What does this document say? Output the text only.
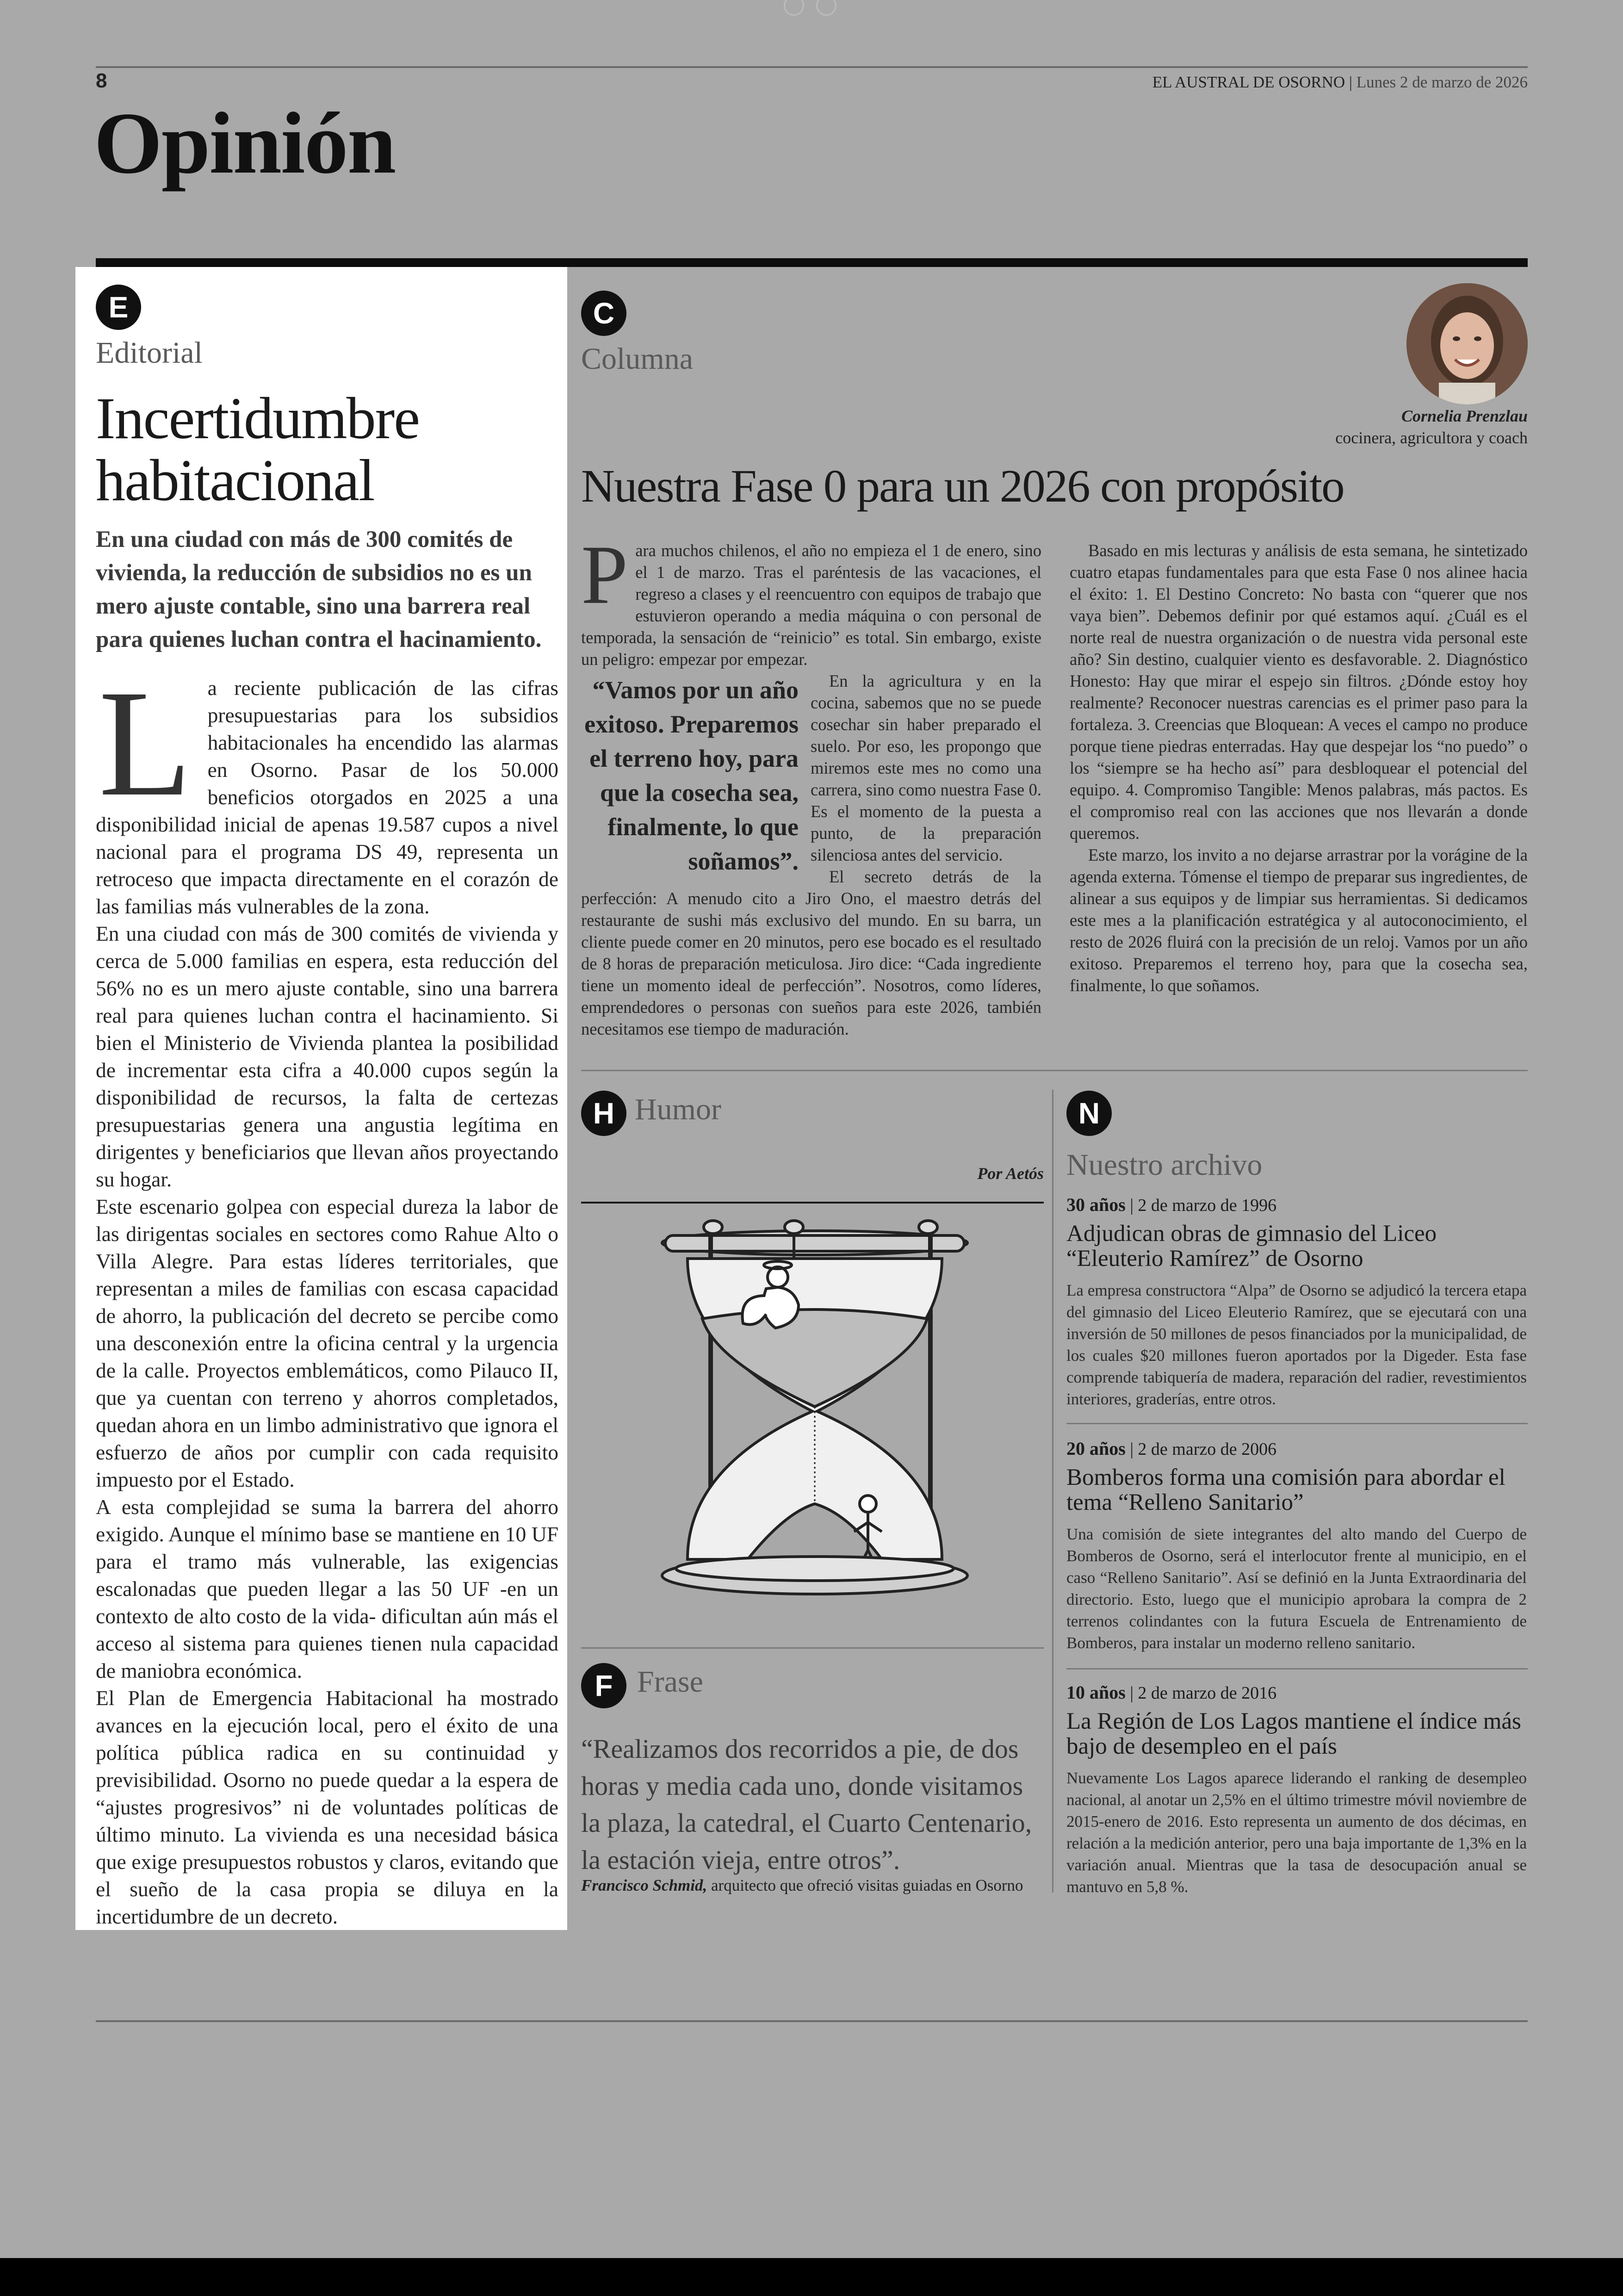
8	EL AUSTRAL DE OSORNO | Lunes 2 de marzo de 2026
Opinión
E
Editorial
Incertidumbre habitacional

En una ciudad con más de 300 comités de vivienda, la reducción de subsidios no es un mero ajuste contable, sino una barrera real para quienes luchan contra el hacinamiento.

La reciente publicación de las cifras presupuestarias para los subsidios habitacionales ha encendido las alarmas en Osorno. Pasar de los 50.000 beneficios otorgados en 2025 a una disponibilidad inicial de apenas 19.587 cupos a nivel nacional para el programa DS 49, representa un retroceso que impacta directamente en el corazón de las familias más vulnerables de la zona.

En una ciudad con más de 300 comités de vivienda y cerca de 5.000 familias en espera, esta reducción del 56% no es un mero ajuste contable, sino una barrera real para quienes luchan contra el hacinamiento. Si bien el Ministerio de Vivienda plantea la posibilidad de incrementar esta cifra a 40.000 cupos según la disponibilidad de recursos, la falta de certezas presupuestarias genera una angustia legítima en dirigentes y beneficiarios que llevan años proyectando su hogar.

Este escenario golpea con especial dureza la labor de las dirigentas sociales en sectores como Rahue Alto o Villa Alegre. Para estas líderes territoriales, que representan a miles de familias con escasa capacidad de ahorro, la publicación del decreto se percibe como una desconexión entre la oficina central y la urgencia de la calle. Proyectos emblemáticos, como Pilauco II, que ya cuentan con terreno y ahorros completados, quedan ahora en un limbo administrativo que ignora el esfuerzo de años por cumplir con cada requisito impuesto por el Estado.

A esta complejidad se suma la barrera del ahorro exigido. Aunque el mínimo base se mantiene en 10 UF para el tramo más vulnerable, las exigencias escalonadas que pueden llegar a las 50 UF -en un contexto de alto costo de la vida- dificultan aún más el acceso al sistema para quienes tienen nula capacidad de maniobra económica.

El Plan de Emergencia Habitacional ha mostrado avances en la ejecución local, pero el éxito de una política pública radica en su continuidad y previsibilidad. Osorno no puede quedar a la espera de “ajustes progresivos” ni de voluntades políticas de último minuto. La vivienda es una necesidad básica que exige presupuestos robustos y claros, evitando que el sueño de la casa propia se diluya en la incertidumbre de un decreto.

C
Columna
Cornelia Prenzlau
cocinera, agricultora y coach
Nuestra Fase 0 para un 2026 con propósito

Para muchos chilenos, el año no empieza el 1 de enero, sino el 1 de marzo. Tras el paréntesis de las vacaciones, el regreso a clases y el reencuentro con equipos de trabajo que estuvieron operando a media máquina o con personal de temporada, la sensación de “reinicio” es total. Sin embargo, existe un peligro: empezar por empezar.

“Vamos por un año exitoso. Preparemos el terreno hoy, para que la cosecha sea, finalmente, lo que soñamos”.

En la agricultura y en la cocina, sabemos que no se puede cosechar sin haber preparado el suelo. Por eso, les propongo que miremos este mes no como una carrera, sino como nuestra Fase 0. Es el momento de la puesta a punto, de la preparación silenciosa antes del servicio.

El secreto detrás de la perfección: A menudo cito a Jiro Ono, el maestro detrás del restaurante de sushi más exclusivo del mundo. En su barra, un cliente puede comer en 20 minutos, pero ese bocado es el resultado de 8 horas de preparación meticulosa. Jiro dice: “Cada ingrediente tiene un momento ideal de perfección”. Nosotros, como líderes, emprendedores o personas con sueños para este 2026, también necesitamos ese tiempo de maduración.

Basado en mis lecturas y análisis de esta semana, he sintetizado cuatro etapas fundamentales para que esta Fase 0 nos alinee hacia el éxito: 1. El Destino Concreto: No basta con “querer que nos vaya bien”. Debemos definir por qué estamos aquí. ¿Cuál es el norte real de nuestra organización o de nuestra vida personal este año? Sin destino, cualquier viento es desfavorable. 2. Diagnóstico Honesto: Hay que mirar el espejo sin filtros. ¿Dónde estoy hoy realmente? Reconocer nuestras carencias es el primer paso para la fortaleza. 3. Creencias que Bloquean: A veces el campo no produce porque tiene piedras enterradas. Hay que despejar los “no puedo” o los “siempre se ha hecho así” para desbloquear el potencial del equipo. 4. Compromiso Tangible: Menos palabras, más pactos. Es el compromiso real con las acciones que nos llevarán a donde queremos.

Este marzo, los invito a no dejarse arrastrar por la vorágine de la agenda externa. Tómense el tiempo de preparar sus ingredientes, de alinear a sus equipos y de limpiar sus herramientas. Si dedicamos este mes a la planificación estratégica y al autoconocimiento, el resto de 2026 fluirá con la precisión de un reloj. Vamos por un año exitoso. Preparemos el terreno hoy, para que la cosecha sea, finalmente, lo que soñamos.

H Humor
Por Aetós
F Frase

“Realizamos dos recorridos a pie, de dos horas y media cada uno, donde visitamos la plaza, la catedral, el Cuarto Centenario, la estación vieja, entre otros”.

Francisco Schmid, arquitecto que ofreció visitas guiadas en Osorno
N
Nuestro archivo
30 años | 2 de marzo de 1996
Adjudican obras de gimnasio del Liceo “Eleuterio Ramírez” de Osorno

La empresa constructora “Alpa” de Osorno se adjudicó la tercera etapa del gimnasio del Liceo Eleuterio Ramírez, que se ejecutará con una inversión de 50 millones de pesos financiados por la municipalidad, de los cuales $20 millones fueron aportados por la Digeder. Esta fase comprende tabiquería de madera, reparación del radier, revestimientos interiores, graderías, entre otros.

20 años | 2 de marzo de 2006
Bomberos forma una comisión para abordar el tema “Relleno Sanitario”

Una comisión de siete integrantes del alto mando del Cuerpo de Bomberos de Osorno, será el interlocutor frente al municipio, en el caso “Relleno Sanitario”. Así se definió en la Junta Extraordinaria del directorio. Esto, luego que el municipio aprobara la compra de 2 terrenos colindantes con la futura Escuela de Entrenamiento de Bomberos, para instalar un moderno relleno sanitario.

10 años | 2 de marzo de 2016
La Región de Los Lagos mantiene el índice más bajo de desempleo en el país

Nuevamente Los Lagos aparece liderando el ranking de desempleo nacional, al anotar un 2,5% en el último trimestre móvil noviembre de 2015-enero de 2016. Esto representa un aumento de dos décimas, en relación a la medición anterior, pero una baja importante de 1,3% en la variación anual. Mientras que la tasa de desocupación anual se mantuvo en 5,8 %.
